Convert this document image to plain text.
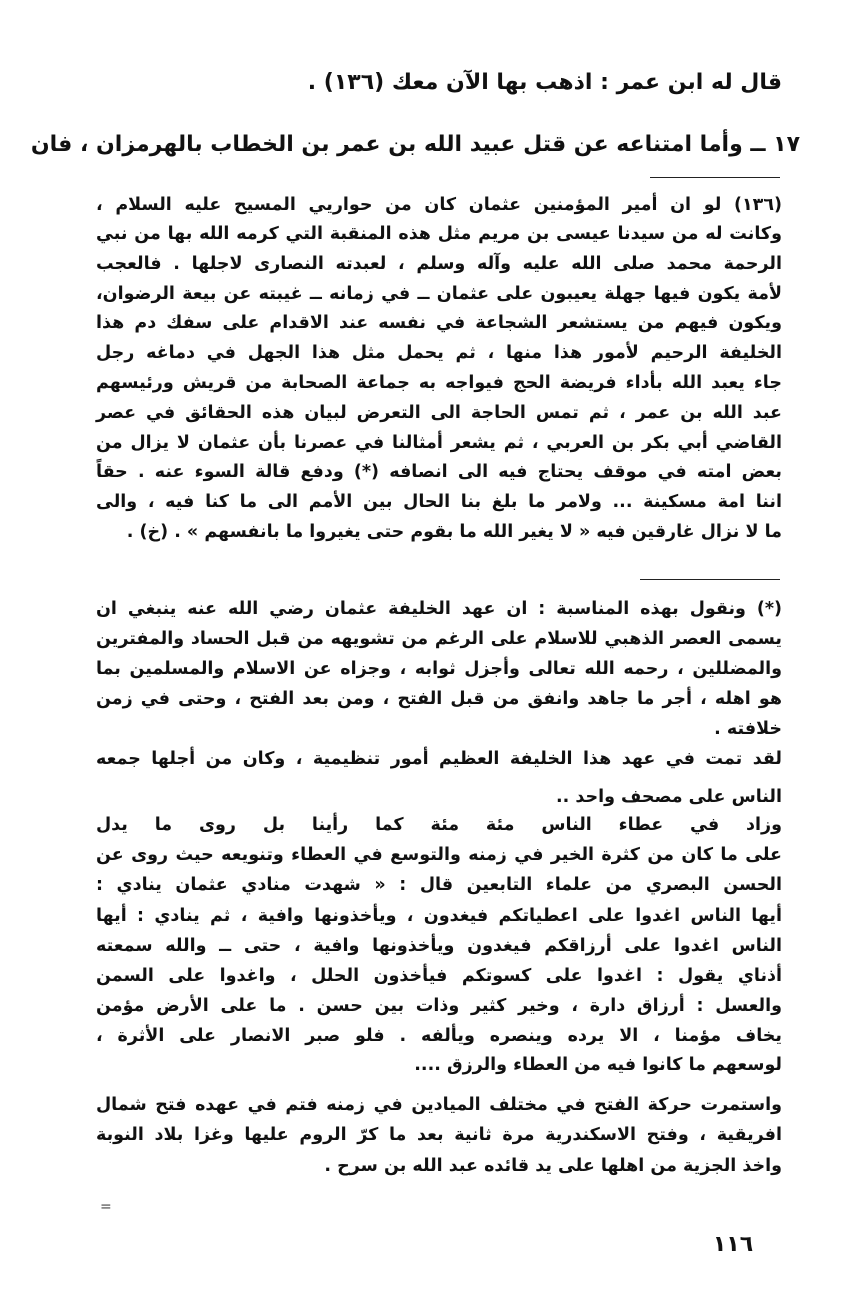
قال له ابن عمر : اذهب بها الآن معك (١٣٦) .
١٧ ــ وأما امتناعه عن قتل عبيد الله بن عمر بن الخطاب بالهرمزان ، فان
(١٣٦) لو ان أمير المؤمنين عثمان كان من حواريي المسيح عليه السلام ،
وكانت له من سيدنا عيسى بن مريم مثل هذه المنقبة التي كرمه الله بها من نبي
الرحمة محمد صلى الله عليه وآله وسلم ، لعبدته النصارى لاجلها . فالعجب
لأمة يكون فيها جهلة يعيبون على عثمان ــ في زمانه ــ غيبته عن بيعة الرضوان،
ويكون فيهم من يستشعر الشجاعة في نفسه عند الاقدام على سفك دم هذا
الخليفة الرحيم لأمور هذا منها ، ثم يحمل مثل هذا الجهل في دماغه رجل
جاء يعبد الله بأداء فريضة الحج فيواجه به جماعة الصحابة من قريش ورئيسهم
عبد الله بن عمر ، ثم تمس الحاجة الى التعرض لبيان هذه الحقائق في عصر
القاضي أبي بكر بن العربي ، ثم يشعر أمثالنا في عصرنا بأن عثمان لا يزال من
بعض امته في موقف يحتاج فيه الى انصافه (*) ودفع قالة السوء عنه . حقاً
اننا امة مسكينة ... ولامر ما بلغ بنا الحال بين الأمم الى ما كنا فيه ، والى
ما لا نزال غارقين فيه « لا يغير الله ما بقوم حتى يغيروا ما بانفسهم » . (خ) .
(*) ونقول بهذه المناسبة : ان عهد الخليفة عثمان رضي الله عنه ينبغي ان
يسمى العصر الذهبي للاسلام على الرغم من تشويهه من قبل الحساد والمفترين
والمضللين ، رحمه الله تعالى وأجزل ثوابه ، وجزاه عن الاسلام والمسلمين بما
هو اهله ، أجر ما جاهد وانفق من قبل الفتح ، ومن بعد الفتح ، وحتى في زمن
خلافته .
لقد تمت في عهد هذا الخليفة العظيم أمور تنظيمية ، وكان من أجلها جمعه
الناس على مصحف واحد ..
وزاد في عطاء الناس مئة مئة كما رأينا بل روى ما يدل
على ما كان من كثرة الخير في زمنه والتوسع في العطاء وتنويعه حيث روى عن
الحسن البصري من علماء التابعين قال : « شهدت منادي عثمان ينادي :
أيها الناس اغدوا على اعطياتكم فيغدون ، ويأخذونها وافية ، ثم ينادي : أيها
الناس اغدوا على أرزاقكم فيغدون ويأخذونها وافية ، حتى ــ والله سمعته
أذناي يقول : اغدوا على كسوتكم فيأخذون الحلل ، واغدوا على السمن
والعسل : أرزاق دارة ، وخير كثير وذات بين حسن . ما على الأرض مؤمن
يخاف مؤمنا ، الا يرده وينصره ويألفه . فلو صبر الانصار على الأثرة ،
لوسعهم ما كانوا فيه من العطاء والرزق ....
واستمرت حركة الفتح في مختلف الميادين في زمنه فتم في عهده فتح شمال
افريقية ، وفتح الاسكندرية مرة ثانية بعد ما كرّ الروم عليها وغزا بلاد النوبة
واخذ الجزية من اهلها على يد قائده عبد الله بن سرح .
=
١١٦
